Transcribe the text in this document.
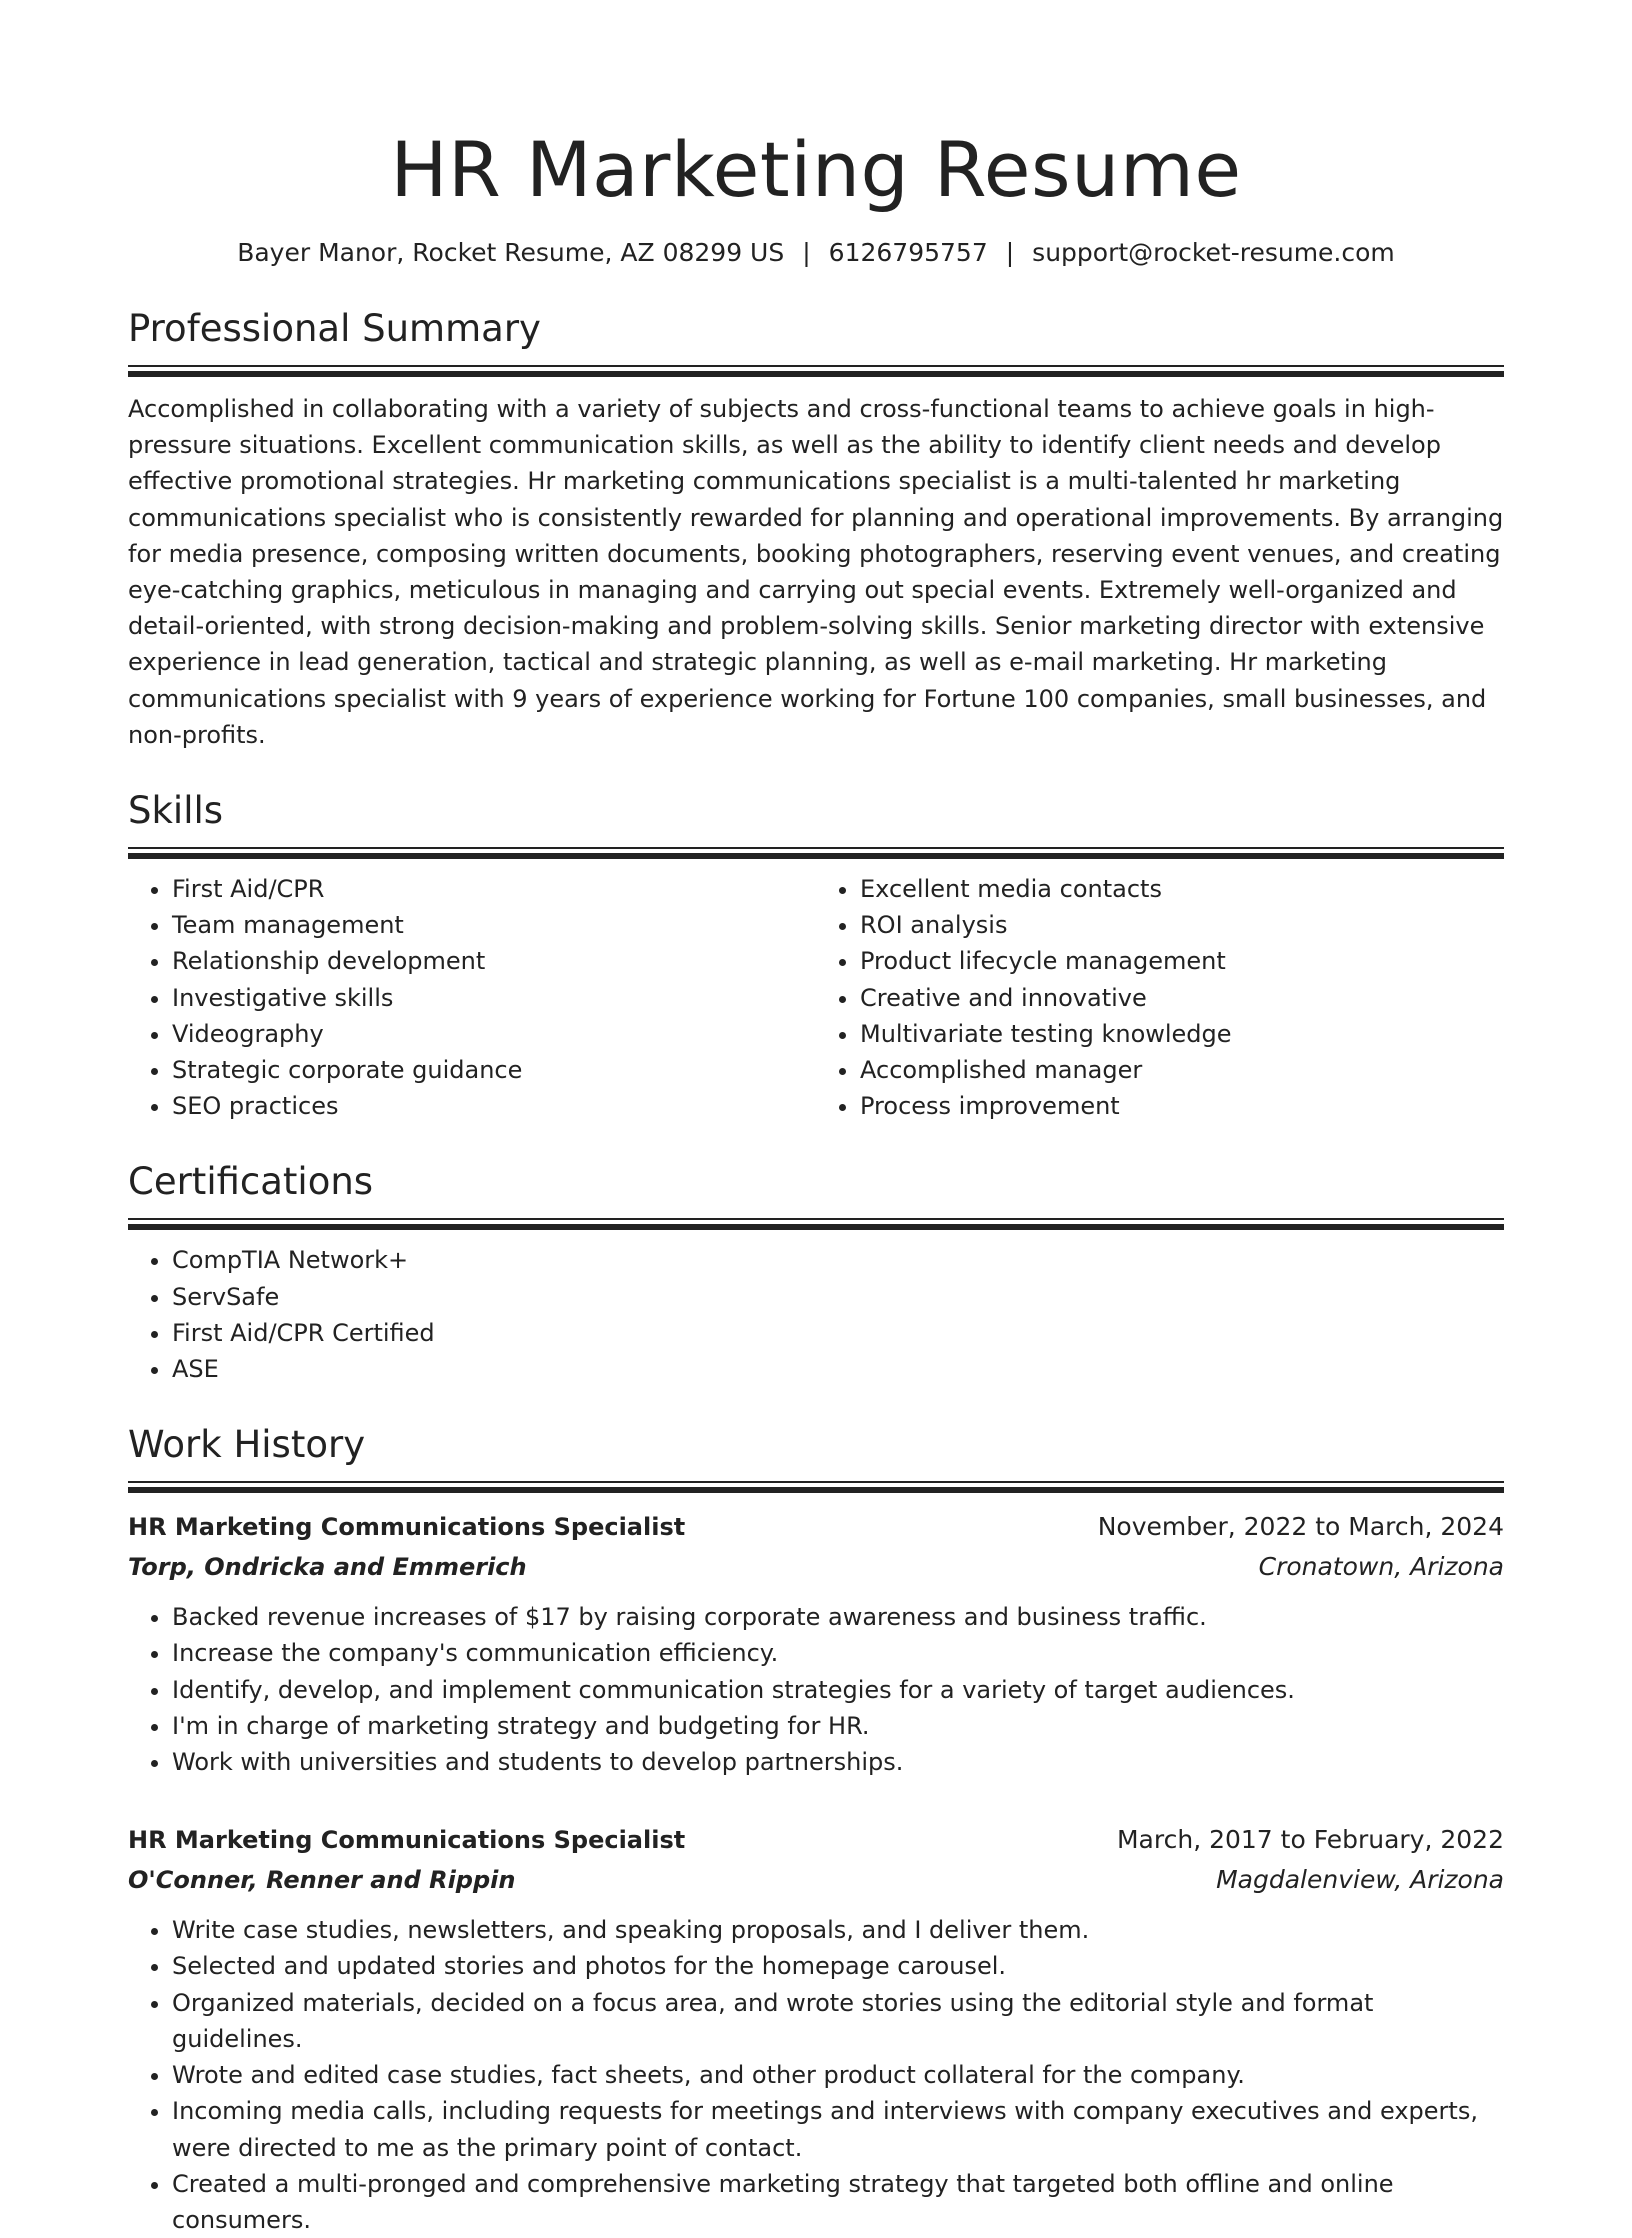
HR Marketing Resume
Bayer Manor, Rocket Resume, AZ 08299 US | 6126795757 | support@rocket-resume.com
Professional Summary
Accomplished in collaborating with a variety of subjects and cross-functional teams to achieve goals in high-pressure situations. Excellent communication skills, as well as the ability to identify client needs and develop effective promotional strategies. Hr marketing communications specialist is a multi-talented hr marketing communications specialist who is consistently rewarded for planning and operational improvements. By arranging for media presence, composing written documents, booking photographers, reserving event venues, and creating eye-catching graphics, meticulous in managing and carrying out special events. Extremely well-organized and detail-oriented, with strong decision-making and problem-solving skills. Senior marketing director with extensive experience in lead generation, tactical and strategic planning, as well as e-mail marketing. Hr marketing communications specialist with 9 years of experience working for Fortune 100 companies, small businesses, and non-profits.
Skills
• First Aid/CPR
• Team management
• Relationship development
• Investigative skills
• Videography
• Strategic corporate guidance
• SEO practices
• Excellent media contacts
• ROI analysis
• Product lifecycle management
• Creative and innovative
• Multivariate testing knowledge
• Accomplished manager
• Process improvement
Certifications
• CompTIA Network+
• ServSafe
• First Aid/CPR Certified
• ASE
Work History
HR Marketing Communications Specialist	November, 2022 to March, 2024
Torp, Ondricka and Emmerich	Cronatown, Arizona
• Backed revenue increases of $17 by raising corporate awareness and business traffic.
• Increase the company's communication efficiency.
• Identify, develop, and implement communication strategies for a variety of target audiences.
• I'm in charge of marketing strategy and budgeting for HR.
• Work with universities and students to develop partnerships.
HR Marketing Communications Specialist	March, 2017 to February, 2022
O'Conner, Renner and Rippin	Magdalenview, Arizona
• Write case studies, newsletters, and speaking proposals, and I deliver them.
• Selected and updated stories and photos for the homepage carousel.
• Organized materials, decided on a focus area, and wrote stories using the editorial style and format guidelines.
• Wrote and edited case studies, fact sheets, and other product collateral for the company.
• Incoming media calls, including requests for meetings and interviews with company executives and experts, were directed to me as the primary point of contact.
• Created a multi-pronged and comprehensive marketing strategy that targeted both offline and online consumers.
